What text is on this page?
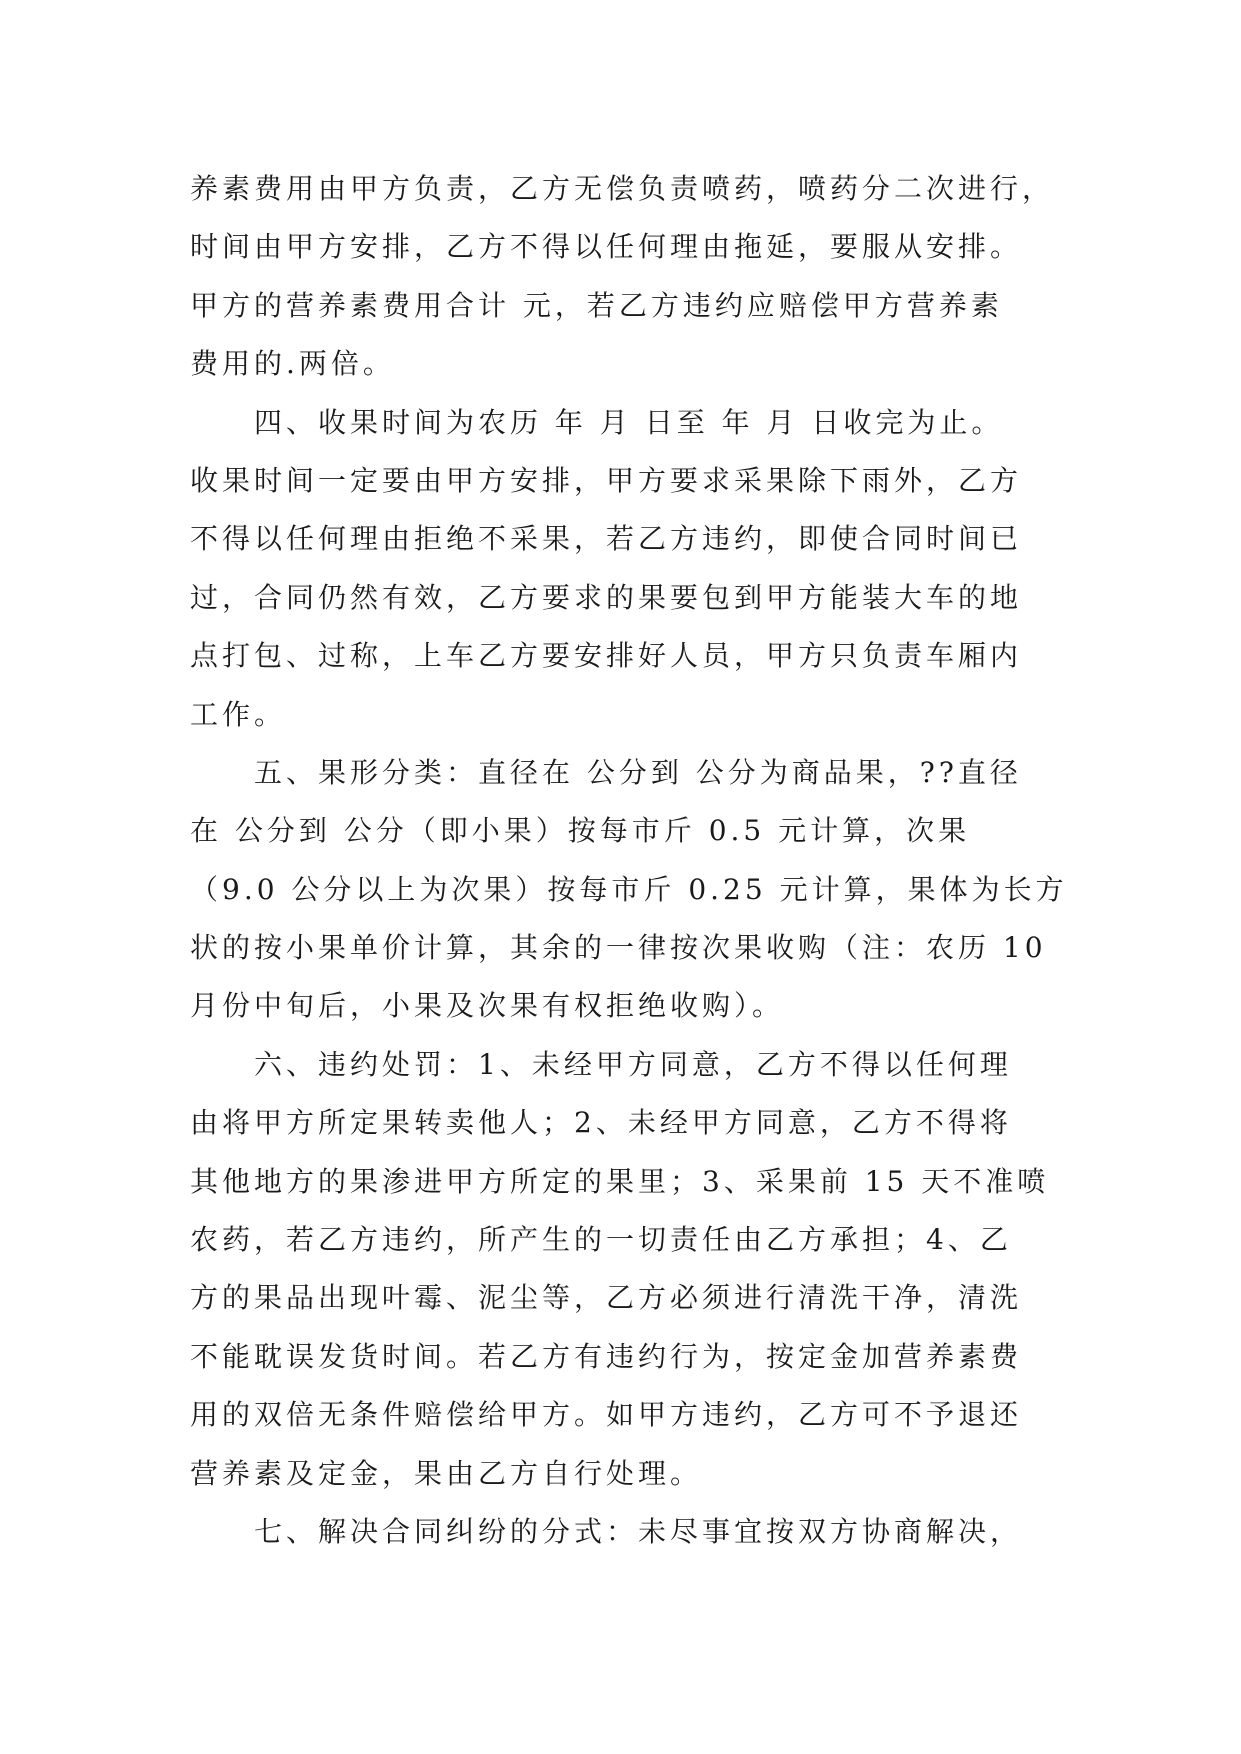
养素费用由甲方负责，乙方无偿负责喷药，喷药分二次进行，
时间由甲方安排，乙方不得以任何理由拖延，要服从安排。
甲方的营养素费用合计 元，若乙方违约应赔偿甲方营养素
费用的.两倍。
四、收果时间为农历 年 月 日至 年 月 日收完为止。
收果时间一定要由甲方安排，甲方要求采果除下雨外，乙方
不得以任何理由拒绝不采果，若乙方违约，即使合同时间已
过，合同仍然有效，乙方要求的果要包到甲方能装大车的地
点打包、过称，上车乙方要安排好人员，甲方只负责车厢内
工作。
五、果形分类：直径在 公分到 公分为商品果，??直径
在 公分到 公分（即小果）按每市斤 0.5 元计算，次果
（9.0 公分以上为次果）按每市斤 0.25 元计算，果体为长方
状的按小果单价计算，其余的一律按次果收购（注：农历 10
月份中旬后，小果及次果有权拒绝收购）。
六、违约处罚：1、未经甲方同意，乙方不得以任何理
由将甲方所定果转卖他人；2、未经甲方同意，乙方不得将
其他地方的果渗进甲方所定的果里；3、采果前 15 天不准喷
农药，若乙方违约，所产生的一切责任由乙方承担；4、乙
方的果品出现叶霉、泥尘等，乙方必须进行清洗干净，清洗
不能耽误发货时间。若乙方有违约行为，按定金加营养素费
用的双倍无条件赔偿给甲方。如甲方违约，乙方可不予退还
营养素及定金，果由乙方自行处理。
七、解决合同纠纷的分式：未尽事宜按双方协商解决，
